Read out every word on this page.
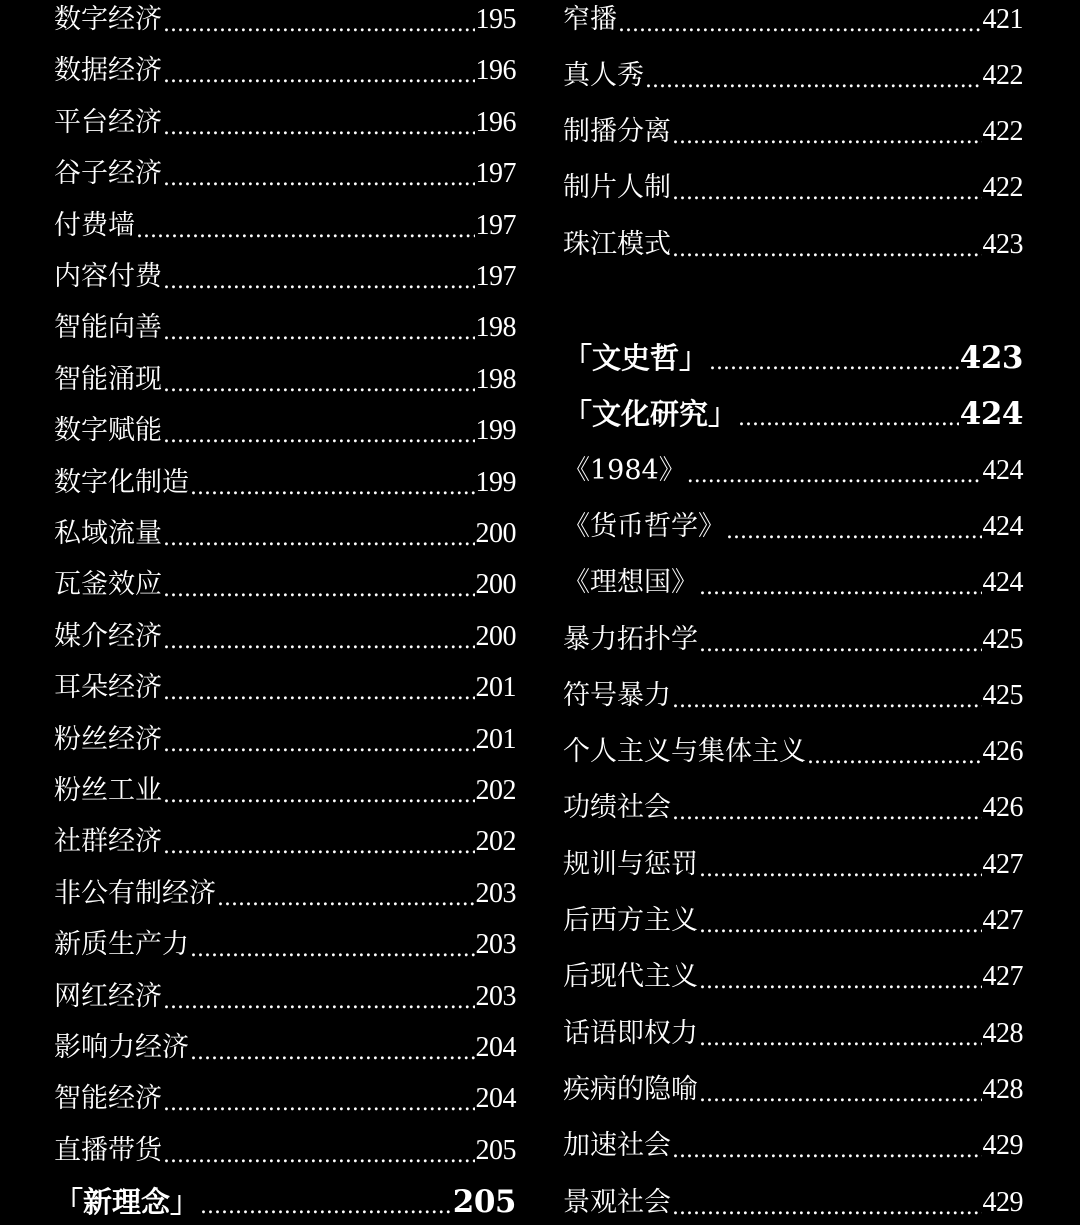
数字经济 .....	195
数据经济 .....	196
平台经济 .....	196
谷子经济 .....	197
付费墙 .....	197
内容付费 .....	197
智能向善 .....	198
智能涌现 .....	198
数字赋能 .....	199
数字化制造 .....	199
私域流量 .....	200
瓦釜效应 .....	200
媒介经济 .....	200
耳朵经济 .....	201
粉丝经济 .....	201
粉丝工业 .....	202
社群经济 .....	202
非公有制经济 .....	203
新质生产力 .....	203
网红经济 .....	203
影响力经济 .....	204
智能经济 .....	204
直播带货 .....	205
「新理念」 .....	205
窄播 .....	421
真人秀 .....	422
制播分离 .....	422
制片人制 .....	422
珠江模式 .....	423
「文史哲」 .....	423
「文化研究」 .....	424
《1984》 .....	424
《货币哲学》 .....	424
《理想国》 .....	424
暴力拓扑学 .....	425
符号暴力 .....	425
个人主义与集体主义 .....	426
功绩社会 .....	426
规训与惩罚 .....	427
后西方主义 .....	427
后现代主义 .....	427
话语即权力 .....	428
疾病的隐喻 .....	428
加速社会 .....	429
景观社会 .....	429
